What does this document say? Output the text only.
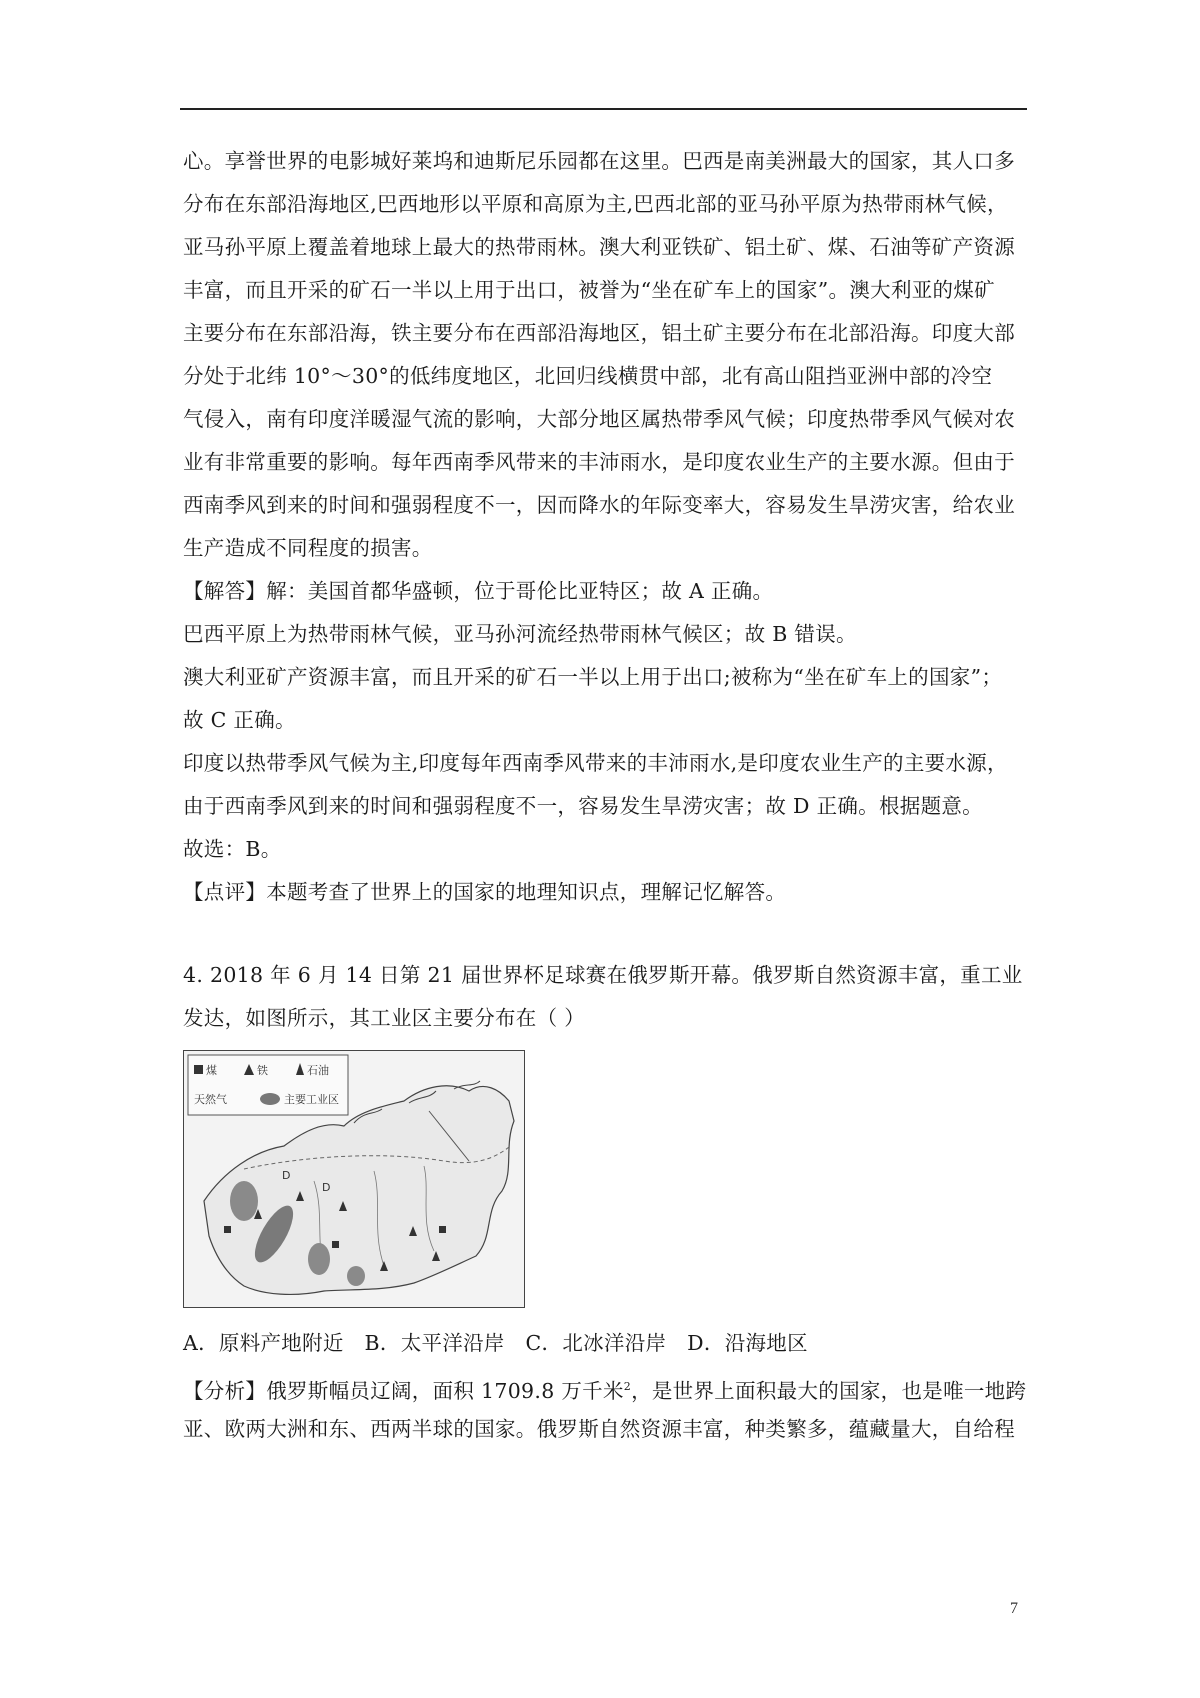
心。享誉世界的电影城好莱坞和迪斯尼乐园都在这里。巴西是南美洲最大的国家，其人口多
分布在东部沿海地区,巴西地形以平原和高原为主,巴西北部的亚马孙平原为热带雨林气候，
亚马孙平原上覆盖着地球上最大的热带雨林。澳大利亚铁矿、铝土矿、煤、石油等矿产资源
丰富，而且开采的矿石一半以上用于出口，被誉为“坐在矿车上的国家”。澳大利亚的煤矿
主要分布在东部沿海，铁主要分布在西部沿海地区，铝土矿主要分布在北部沿海。印度大部
分处于北纬 10°～30°的低纬度地区，北回归线横贯中部，北有高山阻挡亚洲中部的冷空
气侵入，南有印度洋暖湿气流的影响，大部分地区属热带季风气候；印度热带季风气候对农
业有非常重要的影响。每年西南季风带来的丰沛雨水，是印度农业生产的主要水源。但由于
西南季风到来的时间和强弱程度不一，因而降水的年际变率大，容易发生旱涝灾害，给农业
生产造成不同程度的损害。
【解答】解：美国首都华盛顿，位于哥伦比亚特区；故 A 正确。
巴西平原上为热带雨林气候，亚马孙河流经热带雨林气候区；故 B 错误。
澳大利亚矿产资源丰富，而且开采的矿石一半以上用于出口;被称为“坐在矿车上的国家”；
故 C 正确。
印度以热带季风气候为主,印度每年西南季风带来的丰沛雨水,是印度农业生产的主要水源，
由于西南季风到来的时间和强弱程度不一，容易发生旱涝灾害；故 D 正确。根据题意。
故选：B。
【点评】本题考查了世界上的国家的地理知识点，理解记忆解答。
4. 2018 年 6 月 14 日第 21 届世界杯足球赛在俄罗斯开幕。俄罗斯自然资源丰富，重工业
发达，如图所示，其工业区主要分布在（ ）
煤	铁	石油
天然气	主要工业区
D
D
A．原料产地附近 B．太平洋沿岸 C．北冰洋沿岸 D．沿海地区
【分析】俄罗斯幅员辽阔，面积 1709.8 万千米$^2$，是世界上面积最大的国家，也是唯一地跨
亚、欧两大洲和东、西两半球的国家。俄罗斯自然资源丰富，种类繁多，蕴藏量大，自给程
7
